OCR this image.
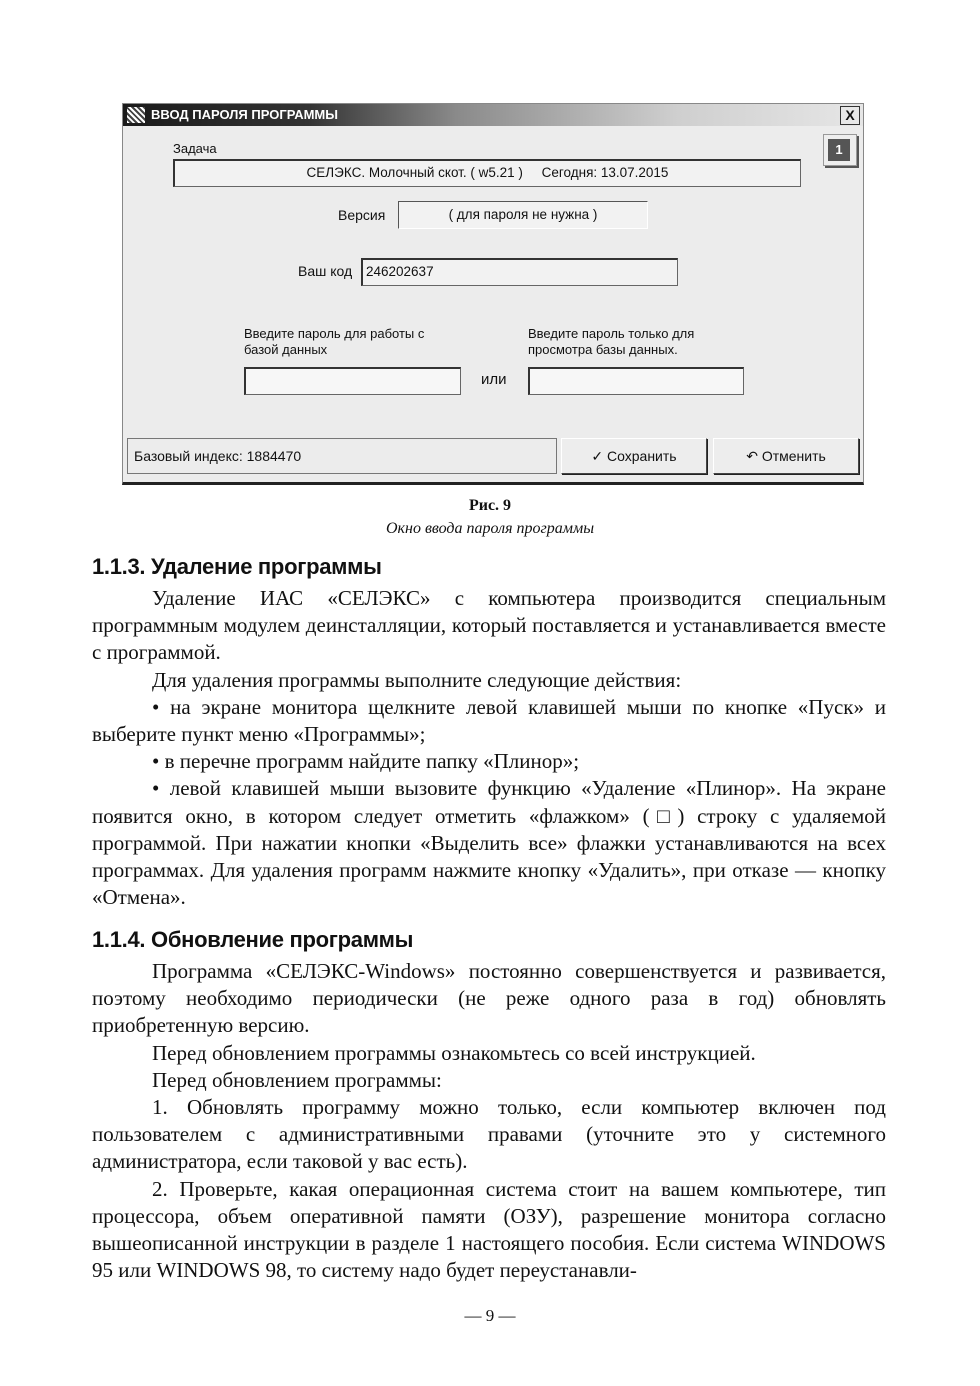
ВВОД ПАРОЛЯ ПРОГРАММЫ	X
1
Задача
СЕЛЭКС. Молочный скот. ( w5.21 )     Сегодня: 13.07.2015
Версия	( для пароля не нужна )
Ваш код	246202637
Введите пароль для работы с базой данных
или
Введите пароль только для просмотра базы данных.
Базовый индекс: 1884470	✓ Сохранить	↶ Отменить
Рис. 9
Окно ввода пароля программы
1.1.3. Удаление программы

Удаление ИАС «СЕЛЭКС» с компьютера производится специальным программным модулем деинсталляции, который поставляется и устанавливается вместе с программой.

Для удаления программы выполните следующие действия:

• на экране монитора щелкните левой клавишей мыши по кнопке «Пуск» и выберите пункт меню «Программы»;

• в перечне программ найдите папку «Плинор»;

• левой клавишей мыши вызовите функцию «Удаление «Плинор». На экране появится окно, в котором следует отметить «флажком» (□) строку с удаляемой программой. При нажатии кнопки «Выделить все» флажки устанавливаются на всех программах. Для удаления программ нажмите кнопку «Удалить», при отказе — кнопку «Отмена».

1.1.4. Обновление программы

Программа «СЕЛЭКС-Windows» постоянно совершенствуется и развивается, поэтому необходимо периодически (не реже одного раза в год) обновлять приобретенную версию.

Перед обновлением программы ознакомьтесь со всей инструкцией.

Перед обновлением программы:

1. Обновлять программу можно только, если компьютер включен под пользователем с административными правами (уточните это у системного администратора, если таковой у вас есть).

2. Проверьте, какая операционная система стоит на вашем компьютере, тип процессора, объем оперативной памяти (ОЗУ), разрешение монитора согласно вышеописанной инструкции в разделе 1 настоящего пособия. Если система WINDOWS 95 или WINDOWS 98, то систему надо будет переустанавли-

— 9 —
